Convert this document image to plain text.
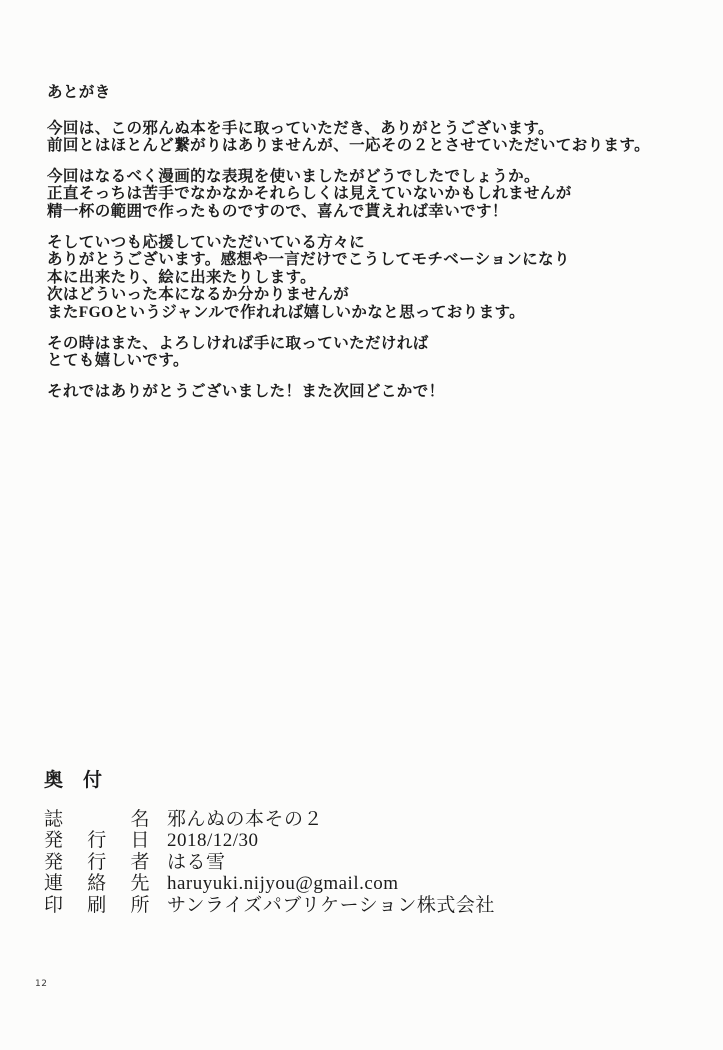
あとがき
今回は、この邪んぬ本を手に取っていただき、ありがとうございます。
前回とはほとんど繋がりはありませんが、一応その２とさせていただいております。
今回はなるべく漫画的な表現を使いましたがどうでしたでしょうか。
正直そっちは苦手でなかなかそれらしくは見えていないかもしれませんが
精一杯の範囲で作ったものですので、喜んで貰えれば幸いです！
そしていつも応援していただいている方々に
ありがとうございます。感想や一言だけでこうしてモチベーションになり
本に出来たり、絵に出来たりします。
次はどういった本になるか分かりませんが
またFGOというジャンルで作れれば嬉しいかなと思っております。
その時はまた、よろしければ手に取っていただければ
とても嬉しいです。
それではありがとうございました！また次回どこかで！
奥　付
誌名 邪んぬの本その２
発行日 2018/12/30
発行者 はる雪
連絡先 haruyuki.nijyou@gmail.com
印刷所 サンライズパブリケーション株式会社
12
